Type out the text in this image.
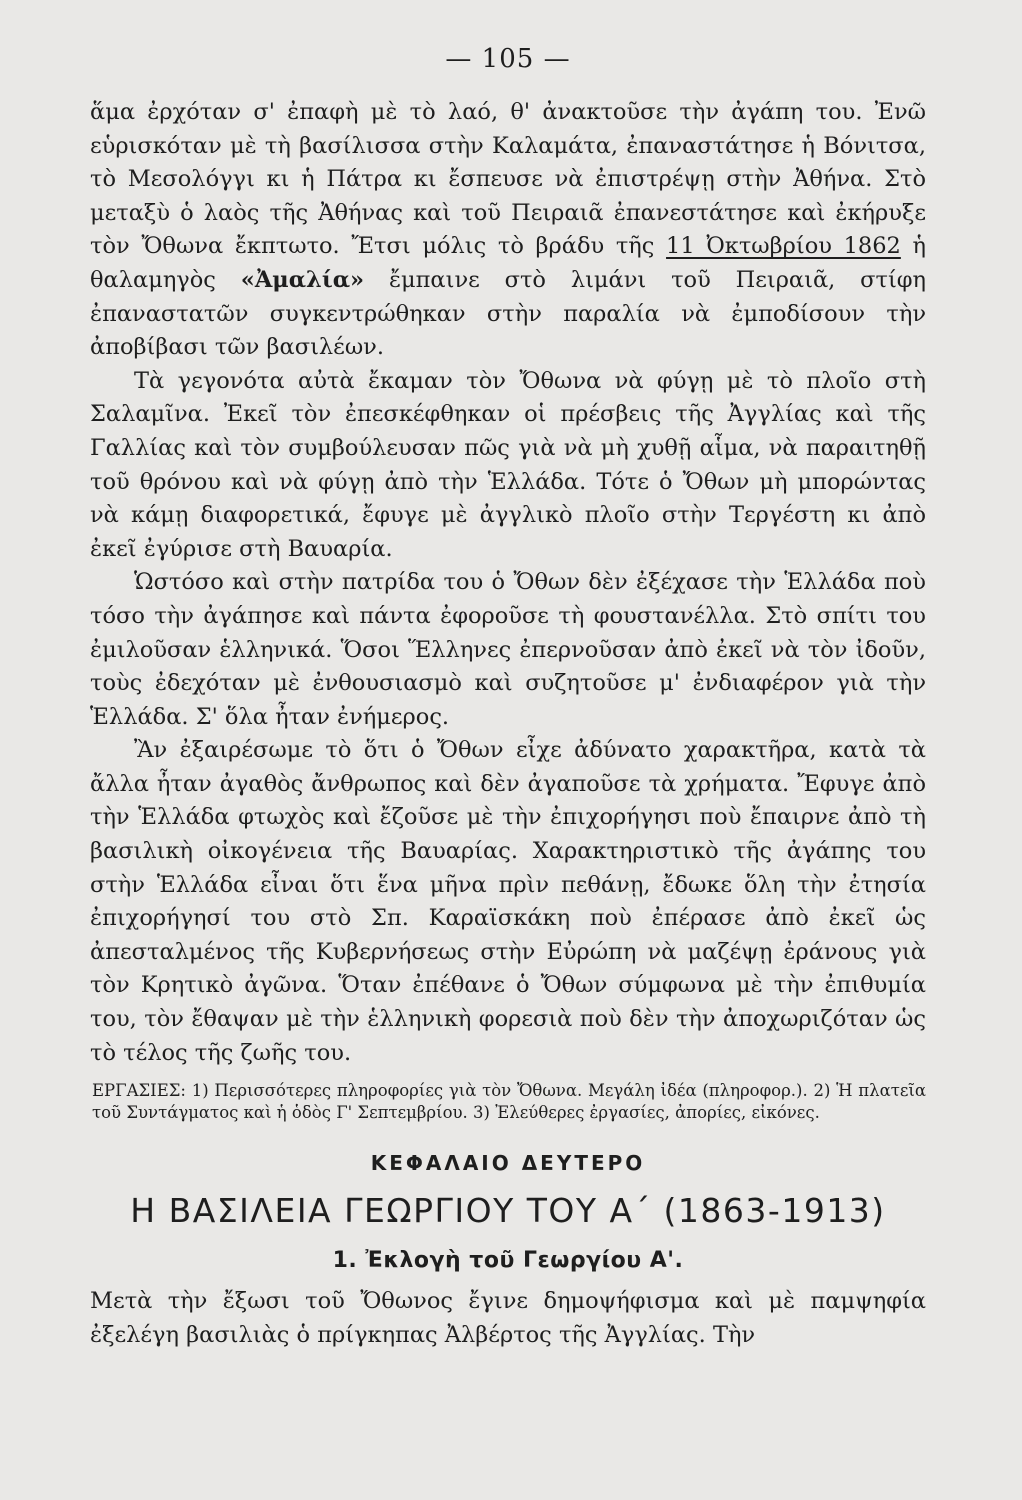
— 105 —

ἅμα ἐρχόταν σ' ἐπαφὴ μὲ τὸ λαό, θ' ἀνακτοῦσε τὴν ἀγάπη του. Ἐνῶ εὑρισκόταν μὲ τὴ βασίλισσα στὴν Καλαμάτα, ἐπαναστάτησε ἡ Βόνιτσα, τὸ Μεσολόγγι κι ἡ Πάτρα κι ἔσπευσε νὰ ἐπιστρέψῃ στὴν Ἀθήνα. Στὸ μεταξὺ ὁ λαὸς τῆς Ἀθήνας καὶ τοῦ Πειραιᾶ ἐπανεστάτησε καὶ ἐκήρυξε τὸν Ὄθωνα ἔκπτωτο. Ἔτσι μόλις τὸ βράδυ τῆς 11 Ὀκτωβρίου 1862 ἡ θαλαμηγὸς «Ἀμαλία» ἔμπαινε στὸ λιμάνι τοῦ Πειραιᾶ, στίφη ἐπαναστατῶν συγκεντρώθηκαν στὴν παραλία νὰ ἐμποδίσουν τὴν ἀποβίβασι τῶν βασιλέων.

Τὰ γεγονότα αὐτὰ ἔκαμαν τὸν Ὄθωνα νὰ φύγῃ μὲ τὸ πλοῖο στὴ Σαλαμῖνα. Ἐκεῖ τὸν ἐπεσκέφθηκαν οἱ πρέσβεις τῆς Ἀγγλίας καὶ τῆς Γαλλίας καὶ τὸν συμβούλευσαν πῶς γιὰ νὰ μὴ χυθῇ αἷμα, νὰ παραιτηθῇ τοῦ θρόνου καὶ νὰ φύγῃ ἀπὸ τὴν Ἑλλάδα. Τότε ὁ Ὄθων μὴ μπορώντας νὰ κάμῃ διαφορετικά, ἔφυγε μὲ ἀγγλικὸ πλοῖο στὴν Τεργέστη κι ἀπὸ ἐκεῖ ἐγύρισε στὴ Βαυαρία.

Ὡστόσο καὶ στὴν πατρίδα του ὁ Ὄθων δὲν ἐξέχασε τὴν Ἑλλάδα ποὺ τόσο τὴν ἀγάπησε καὶ πάντα ἐφοροῦσε τὴ φουστανέλλα. Στὸ σπίτι του ἐμιλοῦσαν ἑλληνικά. Ὅσοι Ἕλληνες ἐπερνοῦσαν ἀπὸ ἐκεῖ νὰ τὸν ἰδοῦν, τοὺς ἐδεχόταν μὲ ἐνθουσιασμὸ καὶ συζητοῦσε μ' ἐνδιαφέρον γιὰ τὴν Ἑλλάδα. Σ' ὅλα ἦταν ἐνήμερος.

Ἂν ἐξαιρέσωμε τὸ ὅτι ὁ Ὄθων εἶχε ἀδύνατο χαρακτῆρα, κατὰ τὰ ἄλλα ἦταν ἀγαθὸς ἄνθρωπος καὶ δὲν ἀγαποῦσε τὰ χρήματα. Ἔφυγε ἀπὸ τὴν Ἑλλάδα φτωχὸς καὶ ἔζοῦσε μὲ τὴν ἐπιχορήγησι ποὺ ἔπαιρνε ἀπὸ τὴ βασιλικὴ οἰκογένεια τῆς Βαυαρίας. Χαρακτηριστικὸ τῆς ἀγάπης του στὴν Ἑλλάδα εἶναι ὅτι ἕνα μῆνα πρὶν πεθάνῃ, ἔδωκε ὅλη τὴν ἐτησία ἐπιχορήγησί του στὸ Σπ. Καραϊσκάκη ποὺ ἐπέρασε ἀπὸ ἐκεῖ ὡς ἀπεσταλμένος τῆς Κυβερνήσεως στὴν Εὐρώπη νὰ μαζέψῃ ἐράνους γιὰ τὸν Κρητικὸ ἀγῶνα. Ὅταν ἐπέθανε ὁ Ὄθων σύμφωνα μὲ τὴν ἐπιθυμία του, τὸν ἔθαψαν μὲ τὴν ἑλληνικὴ φορεσιὰ ποὺ δὲν τὴν ἀποχωριζόταν ὡς τὸ τέλος τῆς ζωῆς του.

ΕΡΓΑΣΙΕΣ: 1) Περισσότερες πληροφορίες γιὰ τὸν Ὄθωνα. Μεγάλη ἰδέα (πληροφορ.). 2) Ἡ πλατεῖα τοῦ Συντάγματος καὶ ἡ ὁδὸς Γ' Σεπτεμβρίου. 3) Ἐλεύθερες ἐργασίες, ἀπορίες, εἰκόνες.
ΚΕΦΑΛΑΙΟ ΔΕΥΤΕΡΟ
Η ΒΑΣΙΛΕΙΑ ΓΕΩΡΓΙΟΥ ΤΟΥ Α΄ (1863-1913)
1. Ἐκλογὴ τοῦ Γεωργίου Α'.

Μετὰ τὴν ἔξωσι τοῦ Ὄθωνος ἔγινε δημοψήφισμα καὶ μὲ παμψηφία ἐξελέγη βασιλιὰς ὁ πρίγκηπας Ἀλβέρτος τῆς Ἀγγλίας. Τὴν
